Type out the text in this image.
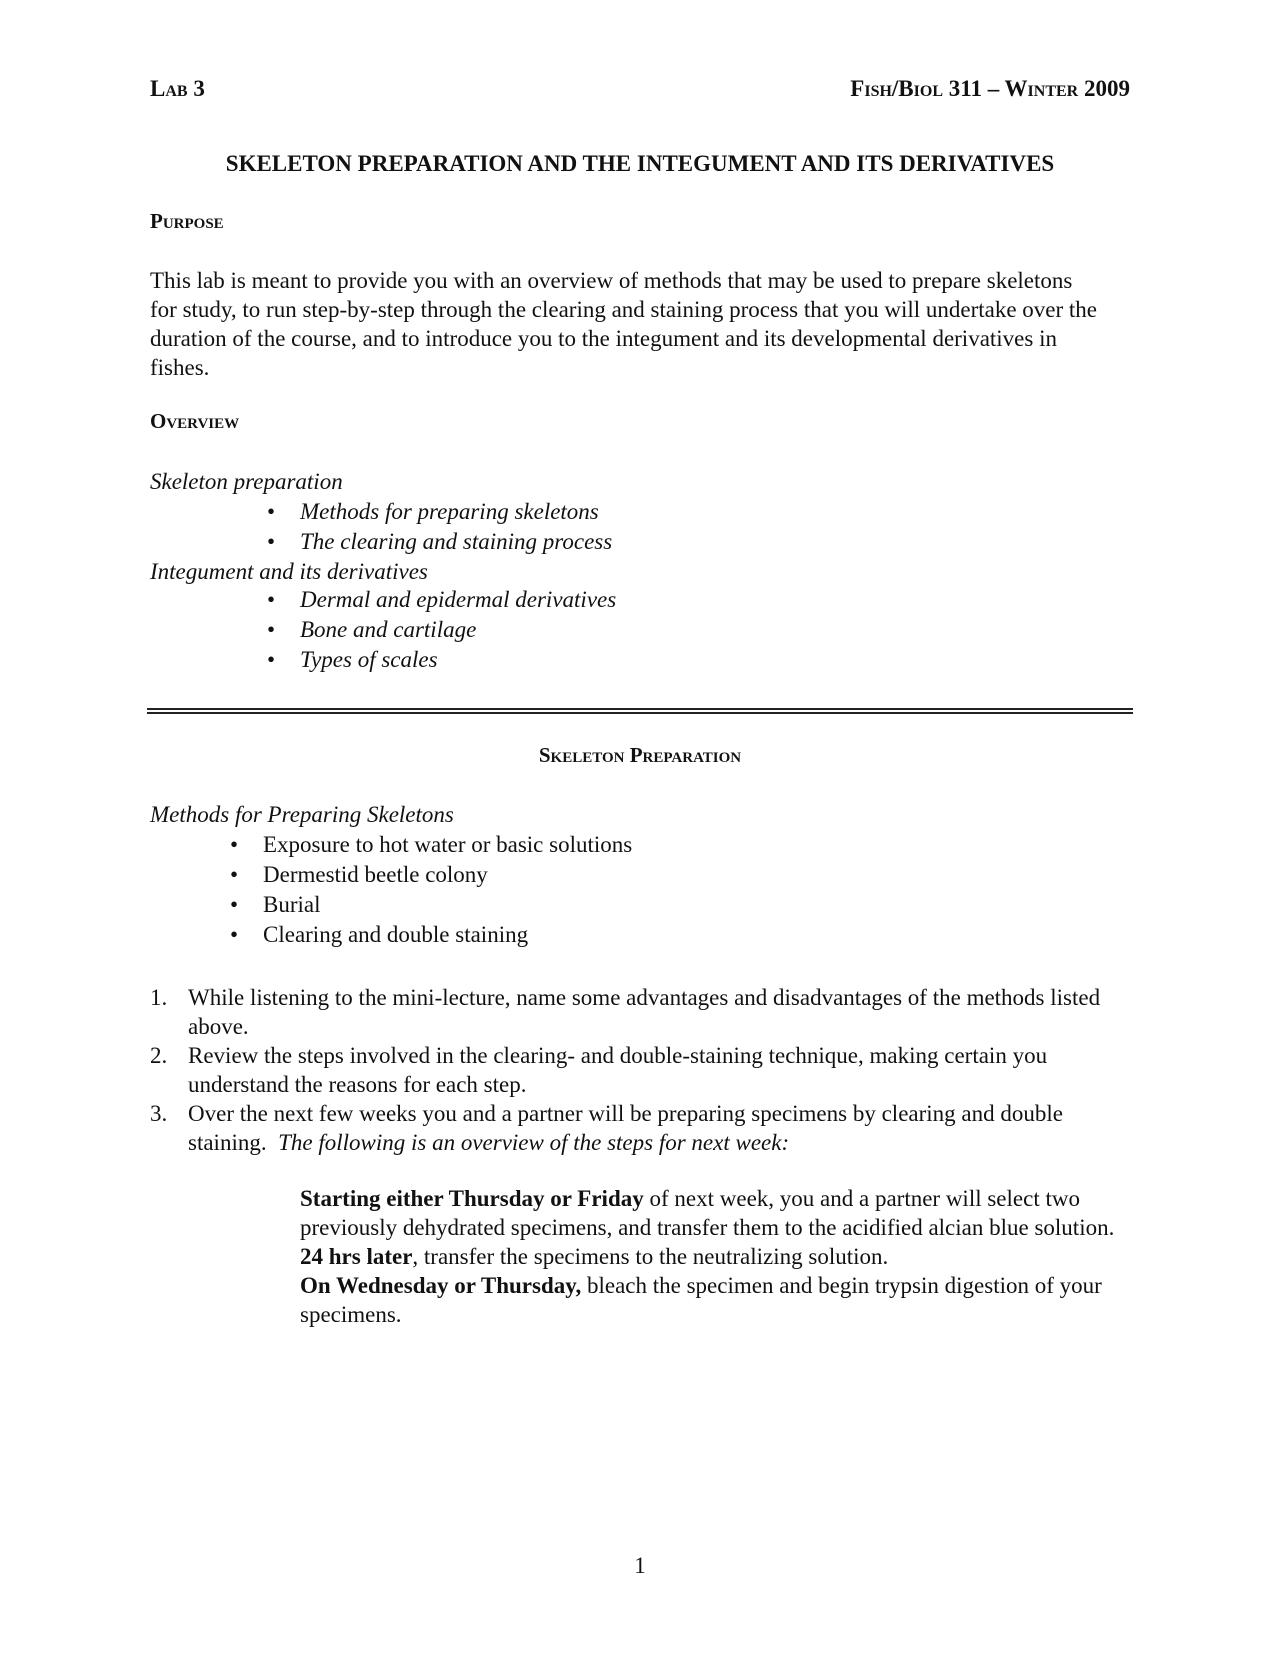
Lab 3	Fish/Biol 311 – Winter 2009
SKELETON PREPARATION AND THE INTEGUMENT AND ITS DERIVATIVES
Purpose

This lab is meant to provide you with an overview of methods that may be used to prepare skeletons for study, to run step-by-step through the clearing and staining process that you will undertake over the duration of the course, and to introduce you to the integument and its developmental derivatives in fishes.

Overview
Skeleton preparation
• Methods for preparing skeletons
• The clearing and staining process
Integument and its derivatives
• Dermal and epidermal derivatives
• Bone and cartilage
• Types of scales
Skeleton Preparation
Methods for Preparing Skeletons
• Exposure to hot water or basic solutions
• Dermestid beetle colony
• Burial
• Clearing and double staining
1. While listening to the mini-lecture, name some advantages and disadvantages of the methods listed above.
2. Review the steps involved in the clearing- and double-staining technique, making certain you understand the reasons for each step.
3. Over the next few weeks you and a partner will be preparing specimens by clearing and double staining. The following is an overview of the steps for next week:

Starting either Thursday or Friday of next week, you and a partner will select two previously dehydrated specimens, and transfer them to the acidified alcian blue solution.

24 hrs later, transfer the specimens to the neutralizing solution.

On Wednesday or Thursday, bleach the specimen and begin trypsin digestion of your specimens.

1
